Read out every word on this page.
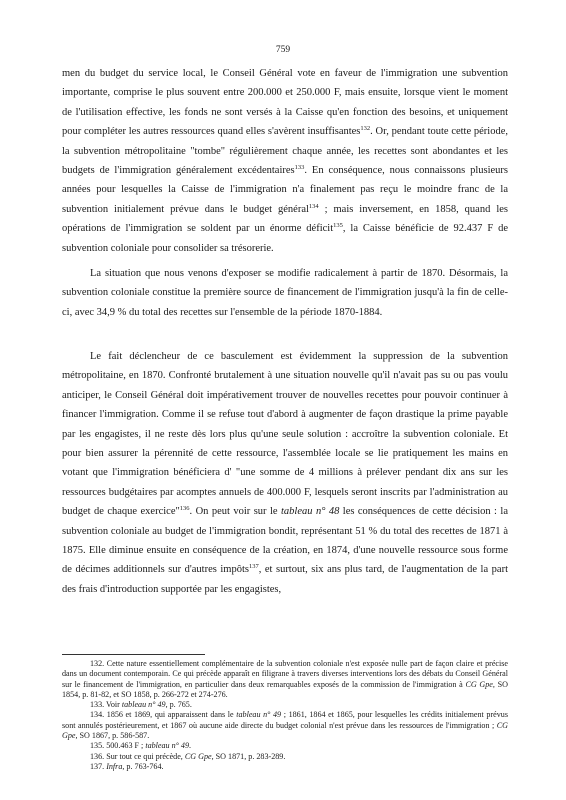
759

men du budget du service local, le Conseil Général vote en faveur de l'immigration une subvention importante, comprise le plus souvent entre 200.000 et 250.000 F, mais ensuite, lorsque vient le moment de l'utilisation effective, les fonds ne sont versés à la Caisse qu'en fonction des besoins, et uniquement pour compléter les autres ressources quand elles s'avèrent insuffisantes$^{132}$. Or, pendant toute cette période, la subvention métropolitaine "tombe" régulièrement chaque année, les recettes sont abondantes et les budgets de l'immigration généralement excédentaires$^{133}$. En conséquence, nous connaissons plusieurs années pour lesquelles la Caisse de l'immigration n'a finalement pas reçu le moindre franc de la subvention initialement prévue dans le budget général$^{134}$ ; mais inversement, en 1858, quand les opérations de l'immigration se soldent par un énorme déficit$^{135}$, la Caisse bénéficie de 92.437 F de subvention coloniale pour consolider sa trésorerie.

La situation que nous venons d'exposer se modifie radicalement à partir de 1870. Désormais, la subvention coloniale constitue la première source de financement de l'immigration jusqu'à la fin de celle-ci, avec 34,9 % du total des recettes sur l'ensemble de la période 1870-1884.

Le fait déclencheur de ce basculement est évidemment la suppression de la subvention métropolitaine, en 1870. Confronté brutalement à une situation nouvelle qu'il n'avait pas su ou pas voulu anticiper, le Conseil Général doit impérativement trouver de nouvelles recettes pour pouvoir continuer à financer l'immigration. Comme il se refuse tout d'abord à augmenter de façon drastique la prime payable par les engagistes, il ne reste dès lors plus qu'une seule solution : accroître la subvention coloniale. Et pour bien assurer la pérennité de cette ressource, l'assemblée locale se lie pratiquement les mains en votant que l'immigration bénéficiera d' "une somme de 4 millions à prélever pendant dix ans sur les ressources budgétaires par acomptes annuels de 400.000 F, lesquels seront inscrits par l'administration au budget de chaque exercice"$^{136}$. On peut voir sur le tableau n° 48 les conséquences de cette décision : la subvention coloniale au budget de l'immigration bondit, représentant 51 % du total des recettes de 1871 à 1875. Elle diminue ensuite en conséquence de la création, en 1874, d'une nouvelle ressource sous forme de décimes additionnels sur d'autres impôts$^{137}$, et surtout, six ans plus tard, de l'augmentation de la part des frais d'introduction supportée par les engagistes,

132. Cette nature essentiellement complémentaire de la subvention coloniale n'est exposée nulle part de façon claire et précise dans un document contemporain. Ce qui précède apparaît en filigrane à travers diverses interventions lors des débats du Conseil Général sur le financement de l'immigration, en particulier dans deux remarquables exposés de la commission de l'immigration à CG Gpe, SO 1854, p. 81-82, et SO 1858, p. 266-272 et 274-276.

133. Voir tableau n° 49, p. 765.

134. 1856 et 1869, qui apparaissent dans le tableau n° 49 ; 1861, 1864 et 1865, pour lesquelles les crédits initialement prévus sont annulés postérieurement, et 1867 où aucune aide directe du budget colonial n'est prévue dans les ressources de l'immigration ; CG Gpe, SO 1867, p. 586-587.

135. 500.463 F ; tableau n° 49.

136. Sur tout ce qui précède, CG Gpe, SO 1871, p. 283-289.

137. Infra, p. 763-764.
